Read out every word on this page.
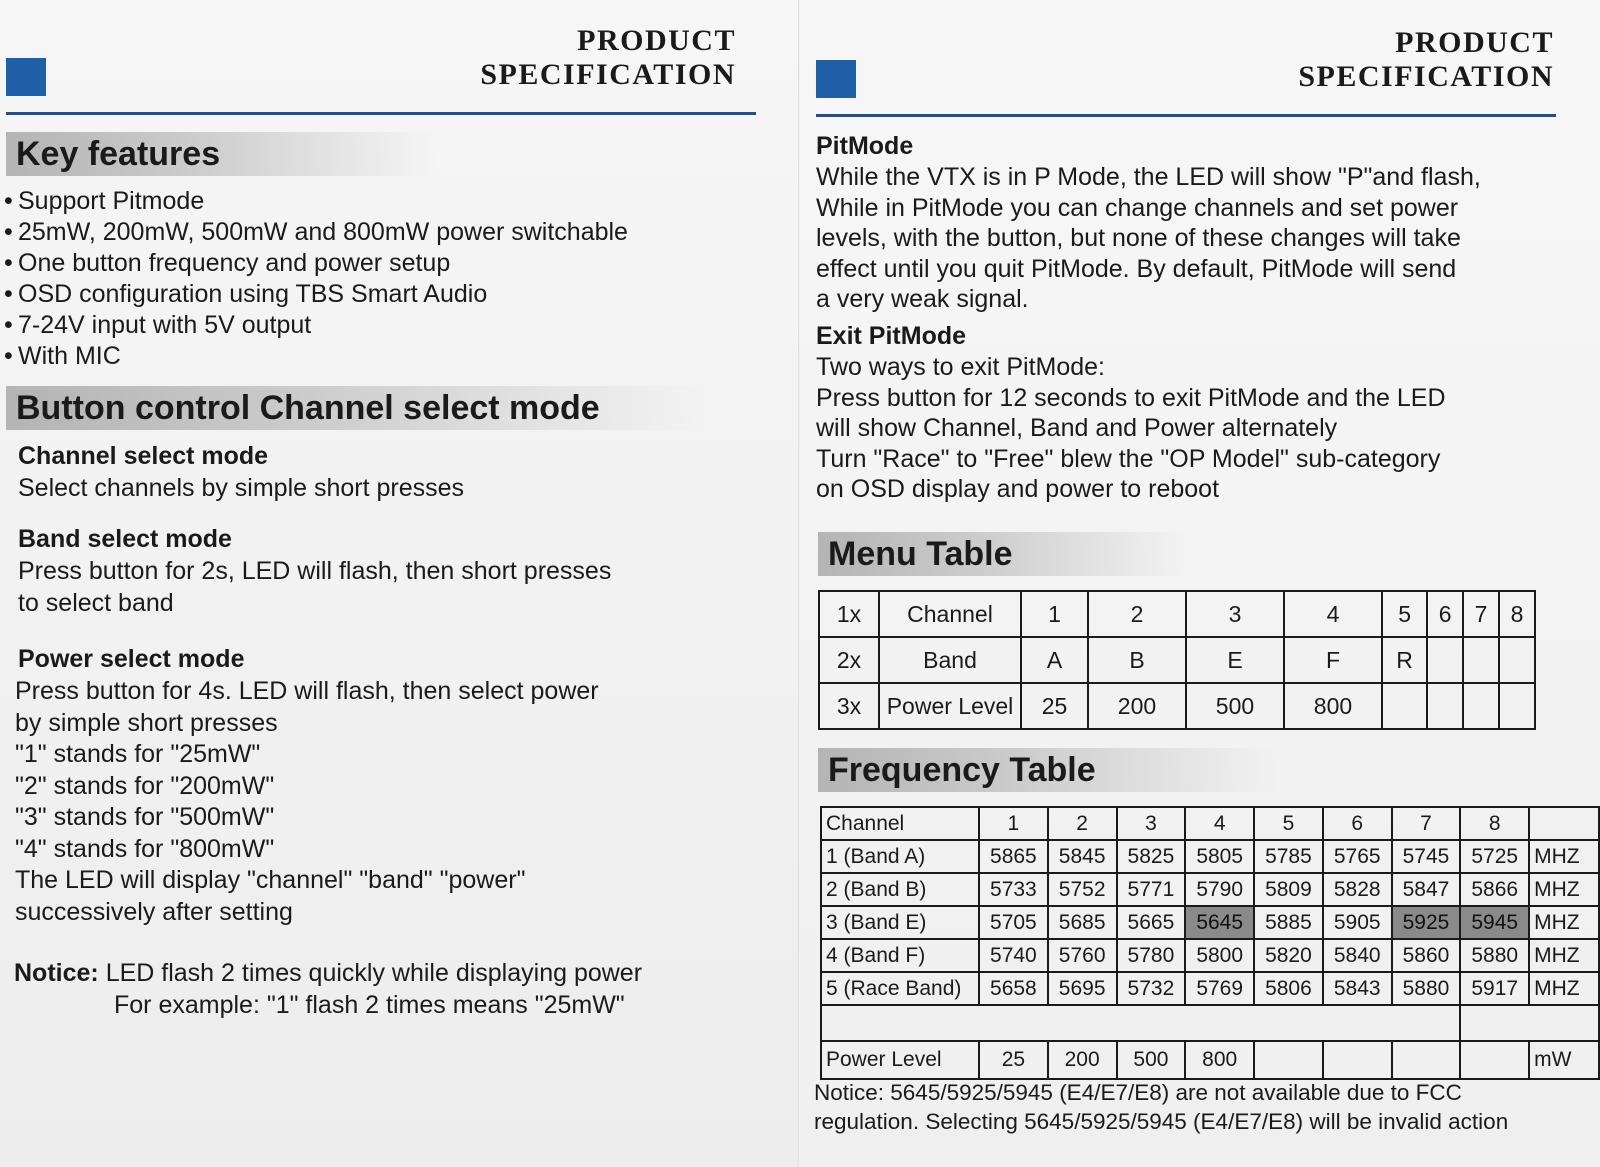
PRODUCT
SPECIFICATION
Key features
• Support Pitmode
• 25mW, 200mW, 500mW and 800mW power switchable
• One button frequency and power setup
• OSD configuration using TBS Smart Audio
• 7-24V input with 5V output
• With MIC
Button control Channel select mode
Channel select mode
Select channels by simple short presses
Band select mode
Press button for 2s, LED will flash, then short presses
to select band
Power select mode
Press button for 4s. LED will flash, then select power
by simple short presses
"1" stands for "25mW"
"2" stands for "200mW"
"3" stands for "500mW"
"4" stands for "800mW"
The LED will display "channel" "band" "power"
successively after setting
Notice: LED flash 2 times quickly while displaying power
For example: "1" flash 2 times means "25mW"
PRODUCT
SPECIFICATION
PitMode
While the VTX is in P Mode, the LED will show "P"and flash,
While in PitMode you can change channels and set power
levels, with the button, but none of these changes will take
effect until you quit PitMode. By default, PitMode will send
a very weak signal.
Exit PitMode
Two ways to exit PitMode:
Press button for 12 seconds to exit PitMode and the LED
will show Channel, Band and Power alternately
Turn "Race" to "Free" blew the "OP Model" sub-category
on OSD display and power to reboot
Menu Table
1x	Channel	1	2	3	4	5	6	7	8
2x	Band	A	B	E	F	R			
3x	Power Level	25	200	500	800				
Frequency Table
Channel	1	2	3	4	5	6	7	8	
1 (Band A)	5865	5845	5825	5805	5785	5765	5745	5725	MHZ
2 (Band B)	5733	5752	5771	5790	5809	5828	5847	5866	MHZ
3 (Band E)	5705	5685	5665	5645	5885	5905	5925	5945	MHZ
4 (Band F)	5740	5760	5780	5800	5820	5840	5860	5880	MHZ
5 (Race Band)	5658	5695	5732	5769	5806	5843	5880	5917	MHZ

Power Level	25	200	500	800					mW
Notice: 5645/5925/5945 (E4/E7/E8) are not available due to FCC
regulation. Selecting 5645/5925/5945 (E4/E7/E8) will be invalid action
